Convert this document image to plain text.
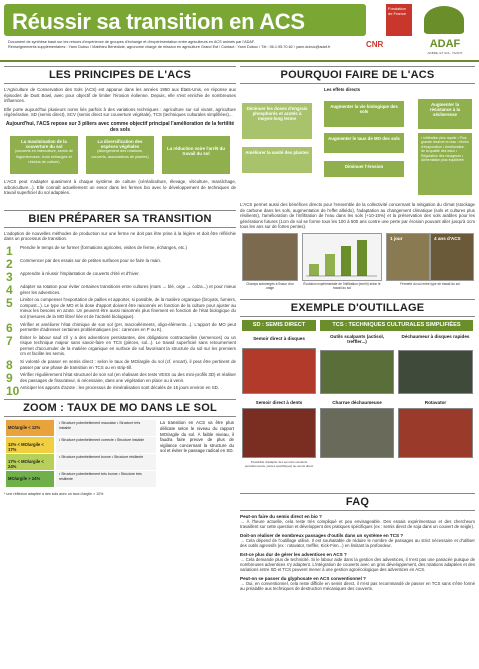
Réussir sa transition en ACS
Document de synthèse basé sur les retours d'expérience de groupes d'échange et d'expérimentation entre agriculteurs en ACS animés par l'ADAF.
Renseignements supplémentaires : Yann Dubuc / Matthieu Bénédicte, agronome chargé de mission en agriculture Grand Est / Contact : Yann Dubuc / Tél : 06.1.95.70.62 / yann.dubuc@adaf.fr	CNR
Fondation de France
ADAF
ARBRE, ET SOL, VIVANT
LES PRINCIPES DE L'ACS
L'Agriculture de Conservation des Sols (ACS) est apparue dans les années 1950 aux États-Unis, en réponse aux épisodes de Dust Bowl, avec pour objectif de limiter l'érosion éolienne. Depuis, elle s'est enrichie de nombreuses influences.
Elle porte aujourd'hui plusieurs noms liés parfois à des variations techniques : agriculture sur sol vivant, agriculture régénérative, SD (semis direct), SCV (semis direct sur couverture végétale), TCS (techniques culturales simplifiées)...
Aujourd'hui, l'ACS repose sur 3 piliers avec comme objectif principal l'amélioration de la fertilité des sols
La maximisation de la couverture du sol
(couverts en interculture, semis de légumineuses, leurs mélanges et résidus de culture)
La diversification des espèces végétales
(allongement des rotations, couverts, associations de plantes)
La réduction voire l'arrêt du travail du sol
L'ACS peut s'adapter quasiment à chaque système de culture (céréaliculture, élevage, viticulture, maraîchage, arboriculture...). Elle connaît actuellement un essor dans les fermes bio avec le développement de techniques de travail superficiel du sol adaptées.
BIEN PRÉPARER SA TRANSITION
L'adoption de nouvelles méthodes de production sur une ferme ne doit pas être prise à la légère et doit être réfléchie dans un processus de transition.
1 Prendre le temps de se former (formations agricoles, visites de ferme, échanges, etc.)
2 Commencer par des essais sur de petites surfaces pour se faire la main.
3 Apprendre à réussir l'implantation de couverts d'été et d'hiver.
4 Adapter sa rotation pour éviter certaines transitions entre cultures (maïs → blé, orge → colza...) et pour mieux gérer les adventices.
5 Limiter ou compenser l'exportation de pailles et apporter, si possible, de la matière organique (broyats, fumiers, compost...). Le type de MO et la dose d'apport doivent être raisonnés en fonction de la culture pour ajuster au mieux les besoins en azote. Un peuvent être aussi raisonnés plus finement en fonction de l'état biologique du sol (mesures de la MO libre/ liée et de l'activité biologique).
6 Vérifier et améliorer l'état chimique de son sol (pH, macroéléments, oligo-éléments...). L'apport de MO peut permettre d'adresser certaines problématiques (ex : carences en P ou K).
7 Éviter le labour sauf s'il y a des adventices persistantes, des obligations contractuelles (semences) ou un risque technique majeur sans savoir-faire en TCS (pièces, sol...). Le travail superficiel sans retournement permet d'accumuler de la matière organique en surface de sol favorisant la structure du sol sur les premiers cm et facilite les semis.
8 Si volonté de passer en semis direct : selon le taux de MO/argile du sol (cf. encart), il peut être pertinent de passer par une phase de transition en TCS ou en strip-till.
9 Vérifier régulièrement l'état structurel de son sol (en réalisant des tests VESS ou des mini-profils 3D) et réaliser des passages de fissurateur, si nécessaire, dans une végétation en place ou à venir.
10 Anticiper les apports d'azote : les processus de minéralisation sont décalés de 15 jours environ en SD.
ZOOM : TAUX DE MO DANS LE SOL
La transition en ACS va être plus délicate selon le niveau du rapport MO/argile du sol. À faible niveau, il faudra faire preuve de plus de vigilance concernant la structure du sol et éviter le passage radical en SD.
MO/argile < 12%
• Structure potentiellement mauvaise • Structure très instable
12% < MO/argile < 17%
• Structure potentiellement correcte • Structure instable
17% < MO/argile < 24%
• Structure potentiellement bonne • Structure résiliente
MO/argile > 24%
• Structure potentiellement très bonne • Structure très résiliente
* une réfléxion adaptée à des sols avec un taux d'argile > 10%
POURQUOI FAIRE DE L'ACS
Les effets directs
Diminuer les doses d'engrais phosphorés et azotés à moyen-long terme
Améliorer la santé des plantes
Augmenter la vie biologique des sols
Augmenter le taux de MO des sols
Diminuer l'érosion
Augmenter la résistance à la sécheresse
• Infiltration plus rapide • Plus grande réserve en eau • Moins d'évaporation • Amélioration de la qualité des eaux • Régulation des ravageurs • Alimentation plus équilibrée
L'ACS permet aussi des bénéfices directs pour l'ensemble de la collectivité concernant la mitigation du climat (stockage de carbone dans les sols, augmentation de l'effet albédo), l'adaptation au changement climatique (sols et cultures plus résilients), l'amélioration de l'infiltration de l'eau dans les sols (+10-15%) et la préservation des sols arables pour les générations futures (1cm de sol se forme tous les 100 à 500 ans contre une perte par érosion pouvant aller jusqu'à 1cm tous les ans sur de fortes pentes).
1 jour	4 ans d'ACS
Champs submergés à l'issue d'un orage
Évolution expérimentale de l'infiltration (mm/h) selon le travail du sol
Fermeté du sol entre type de travail du sol
EXEMPLE D'OUTILLAGE
SD : SEMIS DIRECT	TCS : TECHNIQUES CULTURALES SIMPLIFIÉES
Semoir direct à disques	Outils scalpants (actisol, treffler...)
Déchaumeur à disques rapides
Semoir direct à dents	Charrue déchaumeuse	Rotavator
Possibilité d'adapter des semoirs existants (entraînements, pièces spécifiques) au semis direct
FAQ
Peut-on faire du semis direct en bio ?
→ À l'heure actuelle, cela reste très compliqué et peu envisageable. Des essais expérimentaux et des chercheurs travaillent sur cette question et développent des pratiques spécifiques (ex : semis direct de soja dans un couvert de seigle).
Doit-on réaliser de nombreux passages d'outils dans un système en TCS ?
→ Cela dépend de l'outillage utilisé. Il est souhaitable de réduire le nombre de passages au strict nécessaire et d'utiliser des outils agressifs (ex : rotavator, treffler, Kick-Finn...) en limitant la profondeur.
Est-ce plus dur de gérer les adventices en ACS ?
→ Cela demande plus de technicité. Si le labour aide dans la gestion des adventices, il n'est pas une panacée puisque de nombreuses adventices s'y adaptent. L'intégration de couverts avec un gros développement, des rotations adaptées et des variations entre SD et TCS peuvent mener à une gestion agroécologique des adventices en ACS.
Peut-on se passer du glyphosate en ACS conventionnel ?
→ Oui, en conventionnel, cela reste difficile en semis direct, il n'est pas recommandé de passer en TCS sans s'être formé au préalable aux techniques de destruction mécaniques des couverts.
